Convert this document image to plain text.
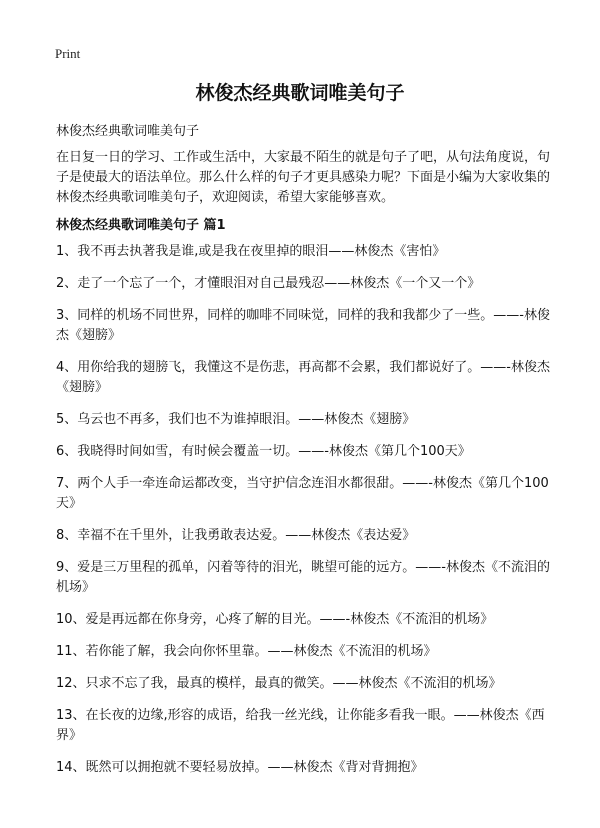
Print
林俊杰经典歌词唯美句子

林俊杰经典歌词唯美句子

在日复一日的学习、工作或生活中，大家最不陌生的就是句子了吧，从句法角度说，句子是使最大的语法单位。那么什么样的句子才更具感染力呢？下面是小编为大家收集的林俊杰经典歌词唯美句子，欢迎阅读，希望大家能够喜欢。

林俊杰经典歌词唯美句子 篇1

1、我不再去执著我是谁,或是我在夜里掉的眼泪——林俊杰《害怕》
2、走了一个忘了一个，才懂眼泪对自己最残忍——林俊杰《一个又一个》
3、同样的机场不同世界，同样的咖啡不同味觉，同样的我和我都少了一些。——-林俊杰《翅膀》
4、用你给我的翅膀飞，我懂这不是伤悲，再高都不会累，我们都说好了。——-林俊杰《翅膀》
5、乌云也不再多，我们也不为谁掉眼泪。——林俊杰《翅膀》
6、我晓得时间如雪，有时候会覆盖一切。——-林俊杰《第几个100天》
7、两个人手一牵连命运都改变，当守护信念连泪水都很甜。——-林俊杰《第几个100天》
8、幸福不在千里外，让我勇敢表达爱。——林俊杰《表达爱》
9、爱是三万里程的孤单，闪着等待的泪光，眺望可能的远方。——-林俊杰《不流泪的机场》
10、爱是再远都在你身旁，心疼了解的目光。——-林俊杰《不流泪的机场》
11、若你能了解，我会向你怀里靠。——林俊杰《不流泪的机场》
12、只求不忘了我，最真的模样，最真的微笑。——林俊杰《不流泪的机场》
13、在长夜的边缘,形容的成语，给我一丝光线，让你能多看我一眼。——林俊杰《西界》
14、既然可以拥抱就不要轻易放掉。——林俊杰《背对背拥抱》
